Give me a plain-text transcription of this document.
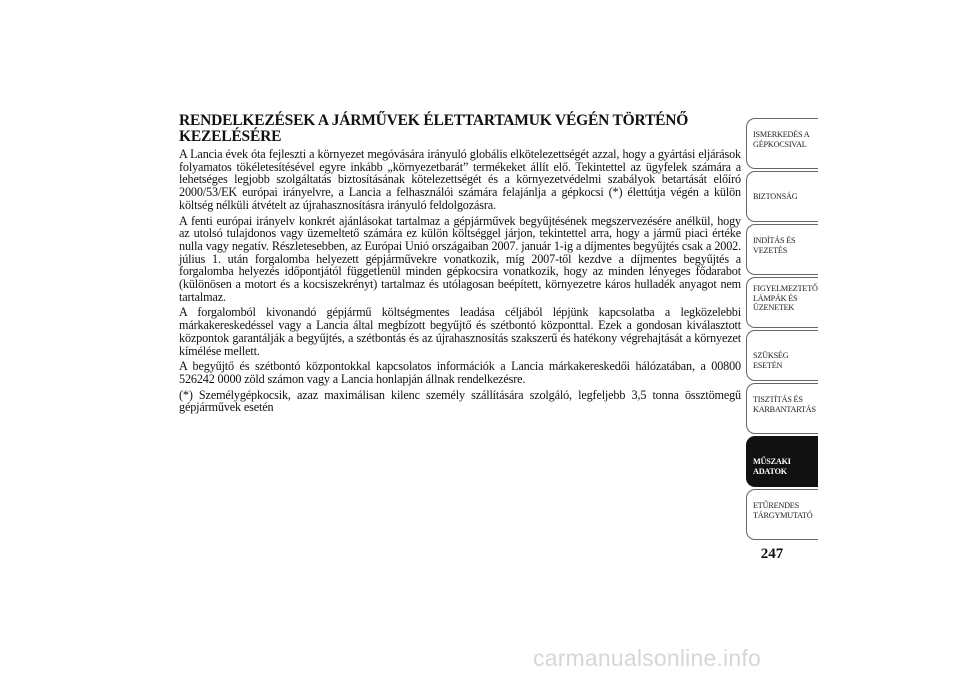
RENDELKEZÉSEK A JÁRMŰVEK ÉLETTARTAMUK VÉGÉN TÖRTÉNŐ
KEZELÉSÉRE

A Lancia évek óta fejleszti a környezet megóvására irányuló globális elkötelezettségét azzal, hogy a gyártási eljárások folyamatos tökéletesítésével egyre inkább „környezetbarát” termékeket állít elő. Tekintettel az ügyfelek számára a lehetséges legjobb szolgáltatás biztosításának kötelezettségét és a környezetvédelmi szabályok betartását előíró 2000/53/EK európai irányelvre, a Lancia a felhasználói számára felajánlja a gépkocsi (*) élettútja végén a külön költség nélküli átvételt az újrahasznosításra irányuló feldolgozásra.

A fenti európai irányelv konkrét ajánlásokat tartalmaz a gépjárművek begyűjtésének megszervezésére anélkül, hogy az utolsó tulajdonos vagy üzemeltető számára ez külön költséggel járjon, tekintettel arra, hogy a jármű piaci értéke nulla vagy negatív. Részletesebben, az Európai Unió országaiban 2007. január 1-ig a díjmentes begyűjtés csak a 2002. július 1. után forgalomba helyezett gépjárművekre vonatkozik, míg 2007-től kezdve a díjmentes begyűjtés a forgalomba helyezés időpontjától függetlenül minden gépkocsira vonatkozik, hogy az minden lényeges fődarabot (különösen a motort és a kocsiszekrényt) tartalmaz és utólagosan beépített, környezetre káros hulladék anyagot nem tartalmaz.

A forgalomból kivonandó gépjármű költségmentes leadása céljából lépjünk kapcsolatba a legközelebbi márkakereskedéssel vagy a Lancia által megbízott begyűjtő és szétbontó központtal. Ezek a gondosan kiválasztott központok garantálják a begyűjtés, a szétbontás és az újrahasznosítás szakszerű és hatékony végrehajtását a környezet kímélése mellett.

A begyűjtő és szétbontó központokkal kapcsolatos információk a Lancia márkakereskedői hálózatában, a 00800 526242 0000 zöld számon vagy a Lancia honlapján állnak rendelkezésre.

(*) Személygépkocsik, azaz maximálisan kilenc személy szállítására szolgáló, legfeljebb 3,5 tonna össztömegű gépjárművek esetén

ISMERKEDÉS A
GÉPKOCSIVAL
BIZTONSÁG
INDÍTÁS ÉS
VEZETÉS
FIGYELMEZTETŐ
LÁMPÁK ÉS
ÜZENETEK
SZÜKSÉG ESETÉN
TISZTÍTÁS ÉS
KARBANTARTÁS
MŰSZAKI ADATOK
ETŰRENDES
TÁRGYMUTATÓ
247
carmanualsonline.info
